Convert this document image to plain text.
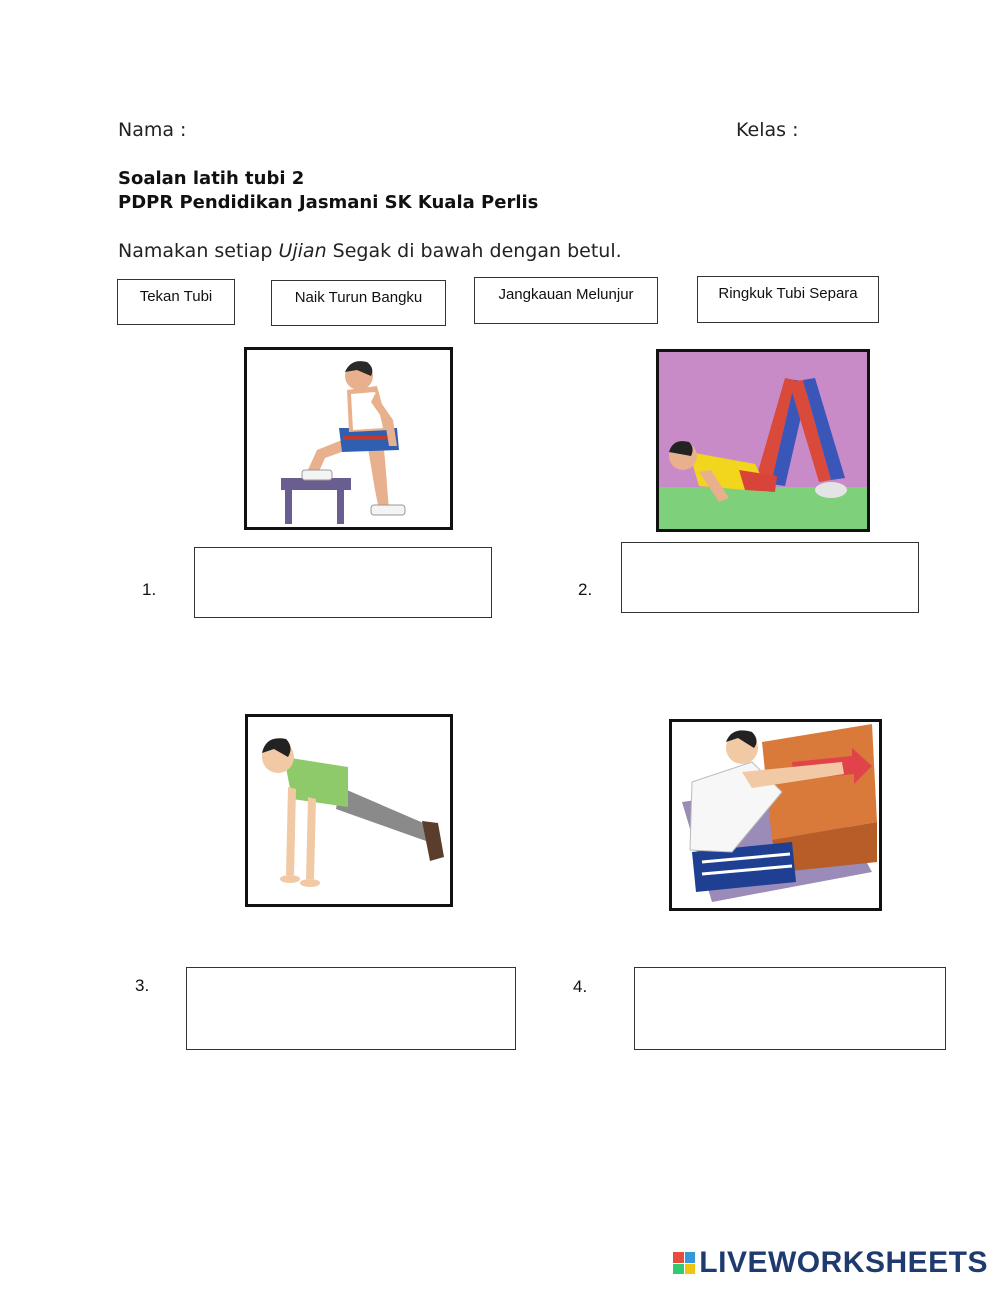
Nama :	Kelas :
Soalan latih tubi 2
PDPR Pendidikan Jasmani SK Kuala Perlis
Namakan setiap Ujian Segak di bawah dengan betul.
Tekan Tubi	Naik Turun Bangku	Jangkauan Melunjur	Ringkuk Tubi Separa
1.	2.
3.	4.
LIVEWORKSHEETS
